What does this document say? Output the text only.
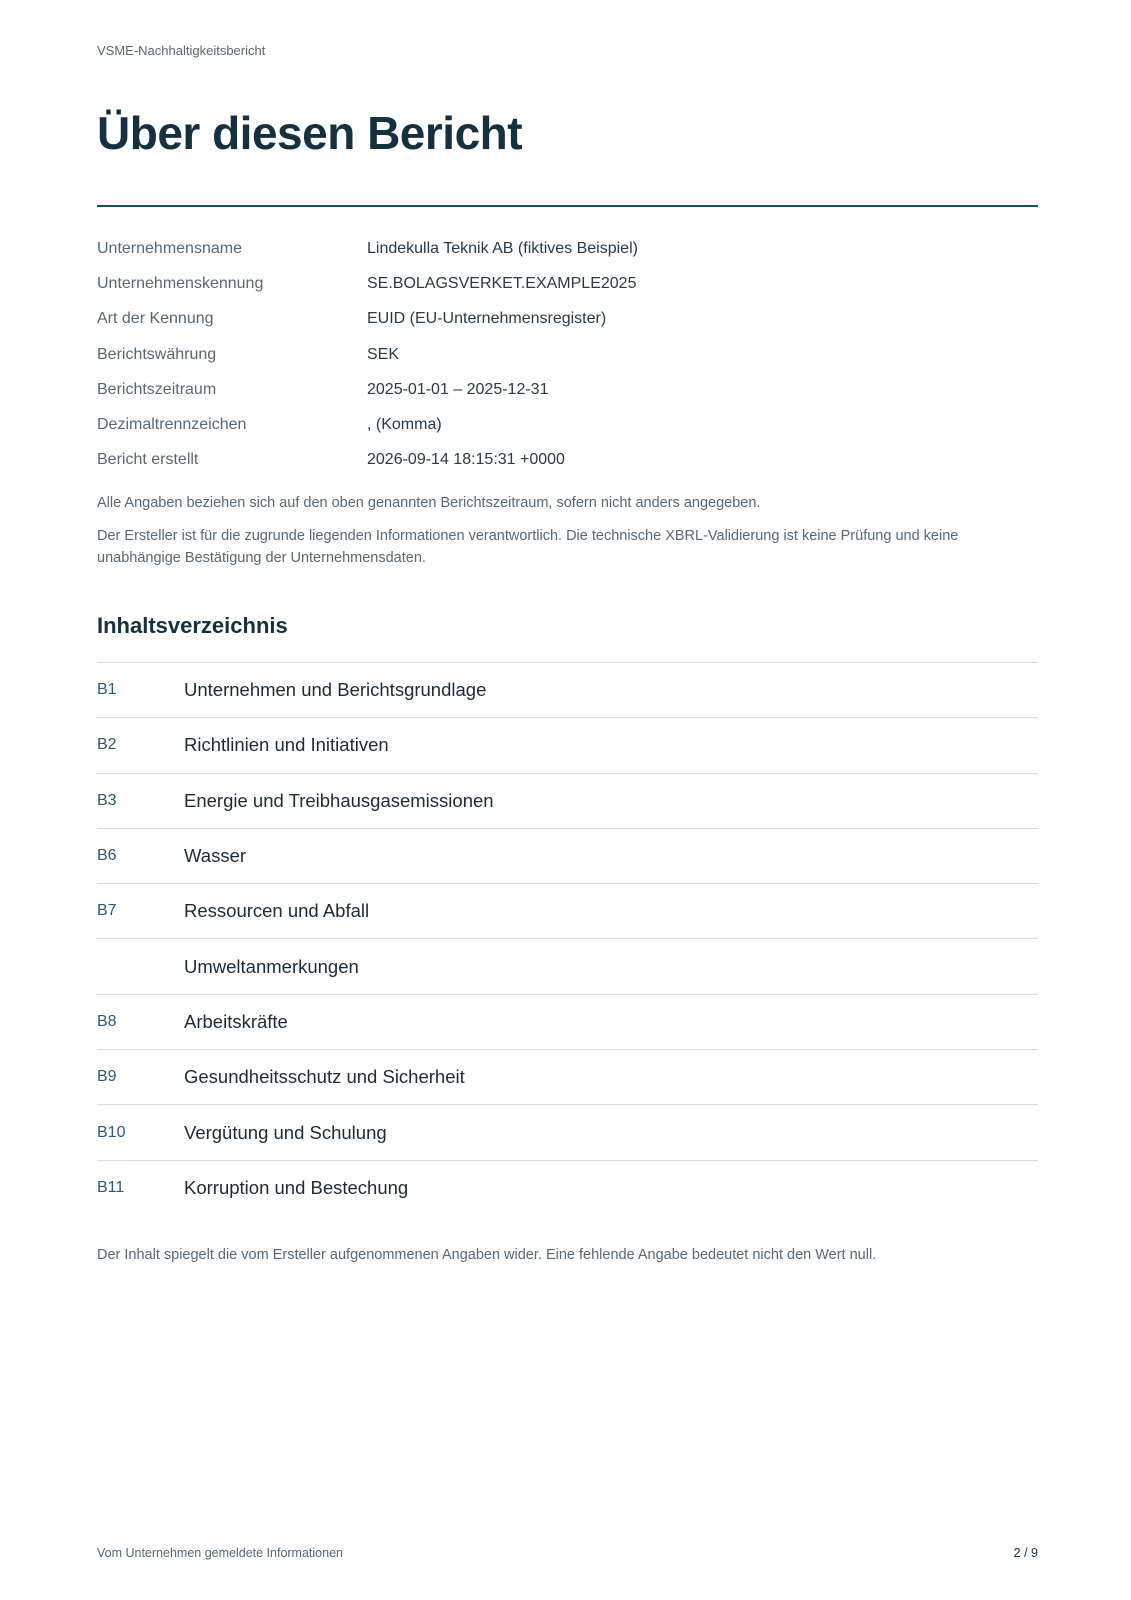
VSME-Nachhaltigkeitsbericht
Über diesen Bericht
Unternehmensname	Lindekulla Teknik AB (fiktives Beispiel)
Unternehmenskennung	SE.BOLAGSVERKET.EXAMPLE2025
Art der Kennung	EUID (EU-Unternehmensregister)
Berichtswährung	SEK
Berichtszeitraum	2025-01-01 – 2025-12-31
Dezimaltrennzeichen	, (Komma)
Bericht erstellt	2026-09-14 18:15:31 +0000
Alle Angaben beziehen sich auf den oben genannten Berichtszeitraum, sofern nicht anders angegeben.
Der Ersteller ist für die zugrunde liegenden Informationen verantwortlich. Die technische XBRL-Validierung ist keine Prüfung und keine unabhängige Bestätigung der Unternehmensdaten.
Inhaltsverzeichnis
B1	Unternehmen und Berichtsgrundlage
B2	Richtlinien und Initiativen
B3	Energie und Treibhausgasemissionen
B6	Wasser
B7	Ressourcen und Abfall
Umweltanmerkungen
B8	Arbeitskräfte
B9	Gesundheitsschutz und Sicherheit
B10	Vergütung und Schulung
B11	Korruption und Bestechung
Der Inhalt spiegelt die vom Ersteller aufgenommenen Angaben wider. Eine fehlende Angabe bedeutet nicht den Wert null.
Vom Unternehmen gemeldete Informationen	2 / 9
